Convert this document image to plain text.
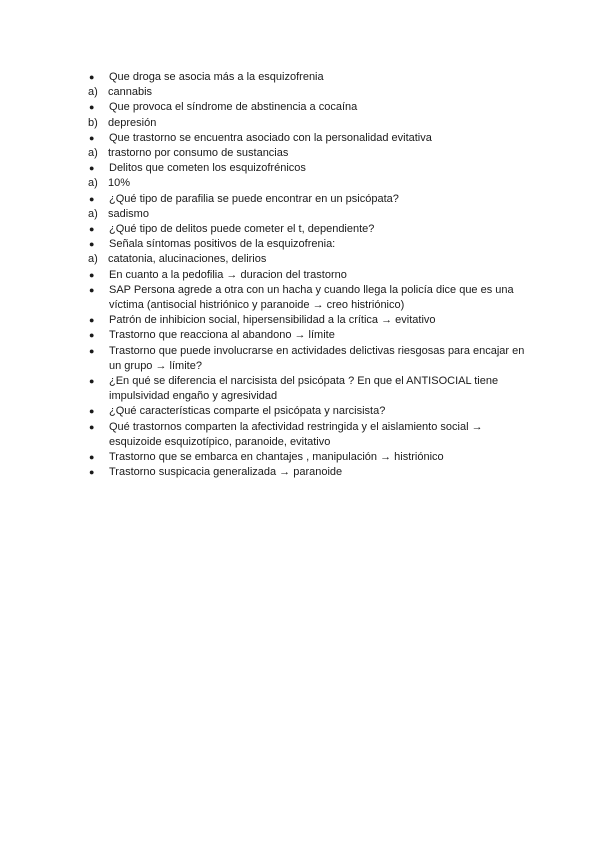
●	Que droga se asocia más a la esquizofrenia
a) cannabis
●	Que provoca el síndrome de abstinencia a cocaína
b) depresión
●	Que trastorno se encuentra asociado con la personalidad evitativa
a) trastorno por consumo de sustancias
●	Delitos que cometen los esquizofrénicos
a) 10%
●	¿Qué tipo de parafilia se puede encontrar en un psicópata?
a) sadismo
●	¿Qué tipo de delitos puede cometer el t, dependiente?
●	Señala síntomas positivos de la esquizofrenia:
a) catatonia, alucinaciones, delirios
●	En cuanto a la pedofilia → duracion del trastorno
●	SAP Persona agrede a otra con un hacha y cuando llega la policía dice que es una víctima (antisocial histriónico y paranoide → creo histriónico)
●	Patrón de inhibicion social, hipersensibilidad a la crítica → evitativo
●	Trastorno que reacciona al abandono → límite
●	Trastorno que puede involucrarse en actividades delictivas riesgosas para encajar en un grupo → límite?
●	¿En qué se diferencia el narcisista del psicópata ? En que el ANTISOCIAL tiene impulsividad engaño y agresividad
●	¿Qué características comparte el psicópata y narcisista?
●	Qué trastornos comparten la afectividad restringida y el aislamiento social → esquizoide esquizotípico, paranoide, evitativo
●	Trastorno que se embarca en chantajes , manipulación → histriónico
●	Trastorno suspicacia generalizada → paranoide
